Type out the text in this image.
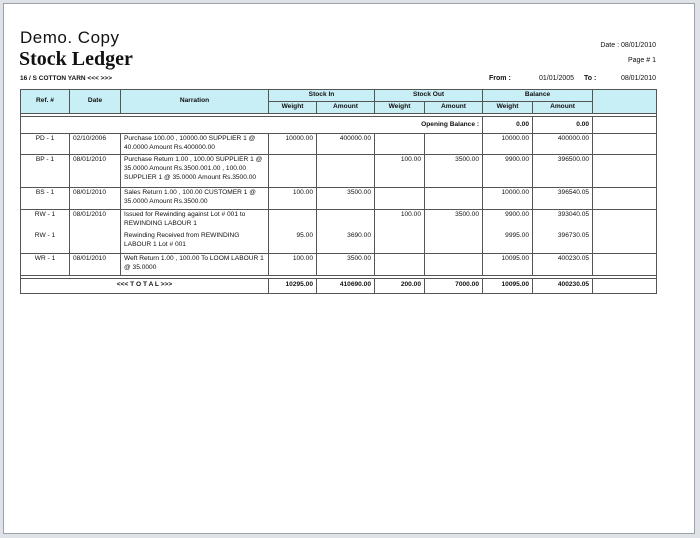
Demo. Copy
Stock Ledger
Date : 08/01/2010
Page # 1
16 / S COTTON YARN <<< >>>	From :	01/01/2005 To :	08/01/2010
Ref. #	Date	Narration	Stock In		Stock Out		Balance		
			Weight	Amount	Weight	Amount	Weight	Amount	

Opening Balance :							0.00	0.00	
PD - 1	02/10/2006	Purchase 100.00 , 10000.00 SUPPLIER 1 @ 40.0000 Amount Rs.400000.00	10000.00	400000.00			10000.00	400000.00	
BP - 1	08/01/2010	Purchase Return 1.00 , 100.00 SUPPLIER 1 @ 35.0000 Amount Rs.3500.001.00 , 100.00 SUPPLIER 1 @ 35.0000 Amount Rs.3500.00			100.00	3500.00	9900.00	396500.00	
BS - 1	08/01/2010	Sales Return 1.00 , 100.00 CUSTOMER 1 @ 35.0000 Amount Rs.3500.00	100.00	3500.00			10000.00	396540.05	
RW - 1	08/01/2010	Issued for Rewinding against Lot # 001 to REWINDING LABOUR 1			100.00	3500.00	9900.00	393040.05	
RW - 1		Rewinding Received from REWINDING LABOUR 1 Lot # 001	95.00	3690.00			9995.00	396730.05	
WR - 1	08/01/2010	Weft Return 1.00 , 100.00 To LOOM LABOUR 1 @ 35.0000	100.00	3500.00			10095.00	400230.05	

<<< T O T A L >>>			10295.00	410690.00	200.00	7000.00	10095.00	400230.05	
